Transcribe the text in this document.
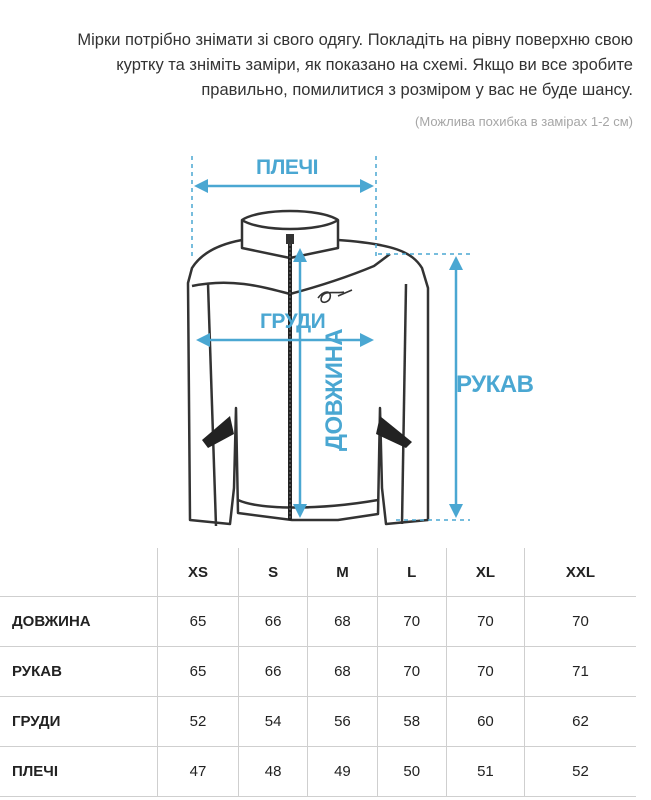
Мірки потрібно знімати зі свого одягу. Покладіть на рівну поверхню свою куртку та зніміть заміри, як показано на схемі. Якщо ви все зробите правильно, помилитися з розміром у вас не буде шансу.
(Можлива похибка в замірах 1-2 см)
ПЛЕЧІ
ГРУДИ
ДОВЖИНА	РУКАВ
	XS	S	M	L	XL	XXL
ДОВЖИНА	65	66	68	70	70	70
РУКАВ	65	66	68	70	70	71
ГРУДИ	52	54	56	58	60	62
ПЛЕЧІ	47	48	49	50	51	52
